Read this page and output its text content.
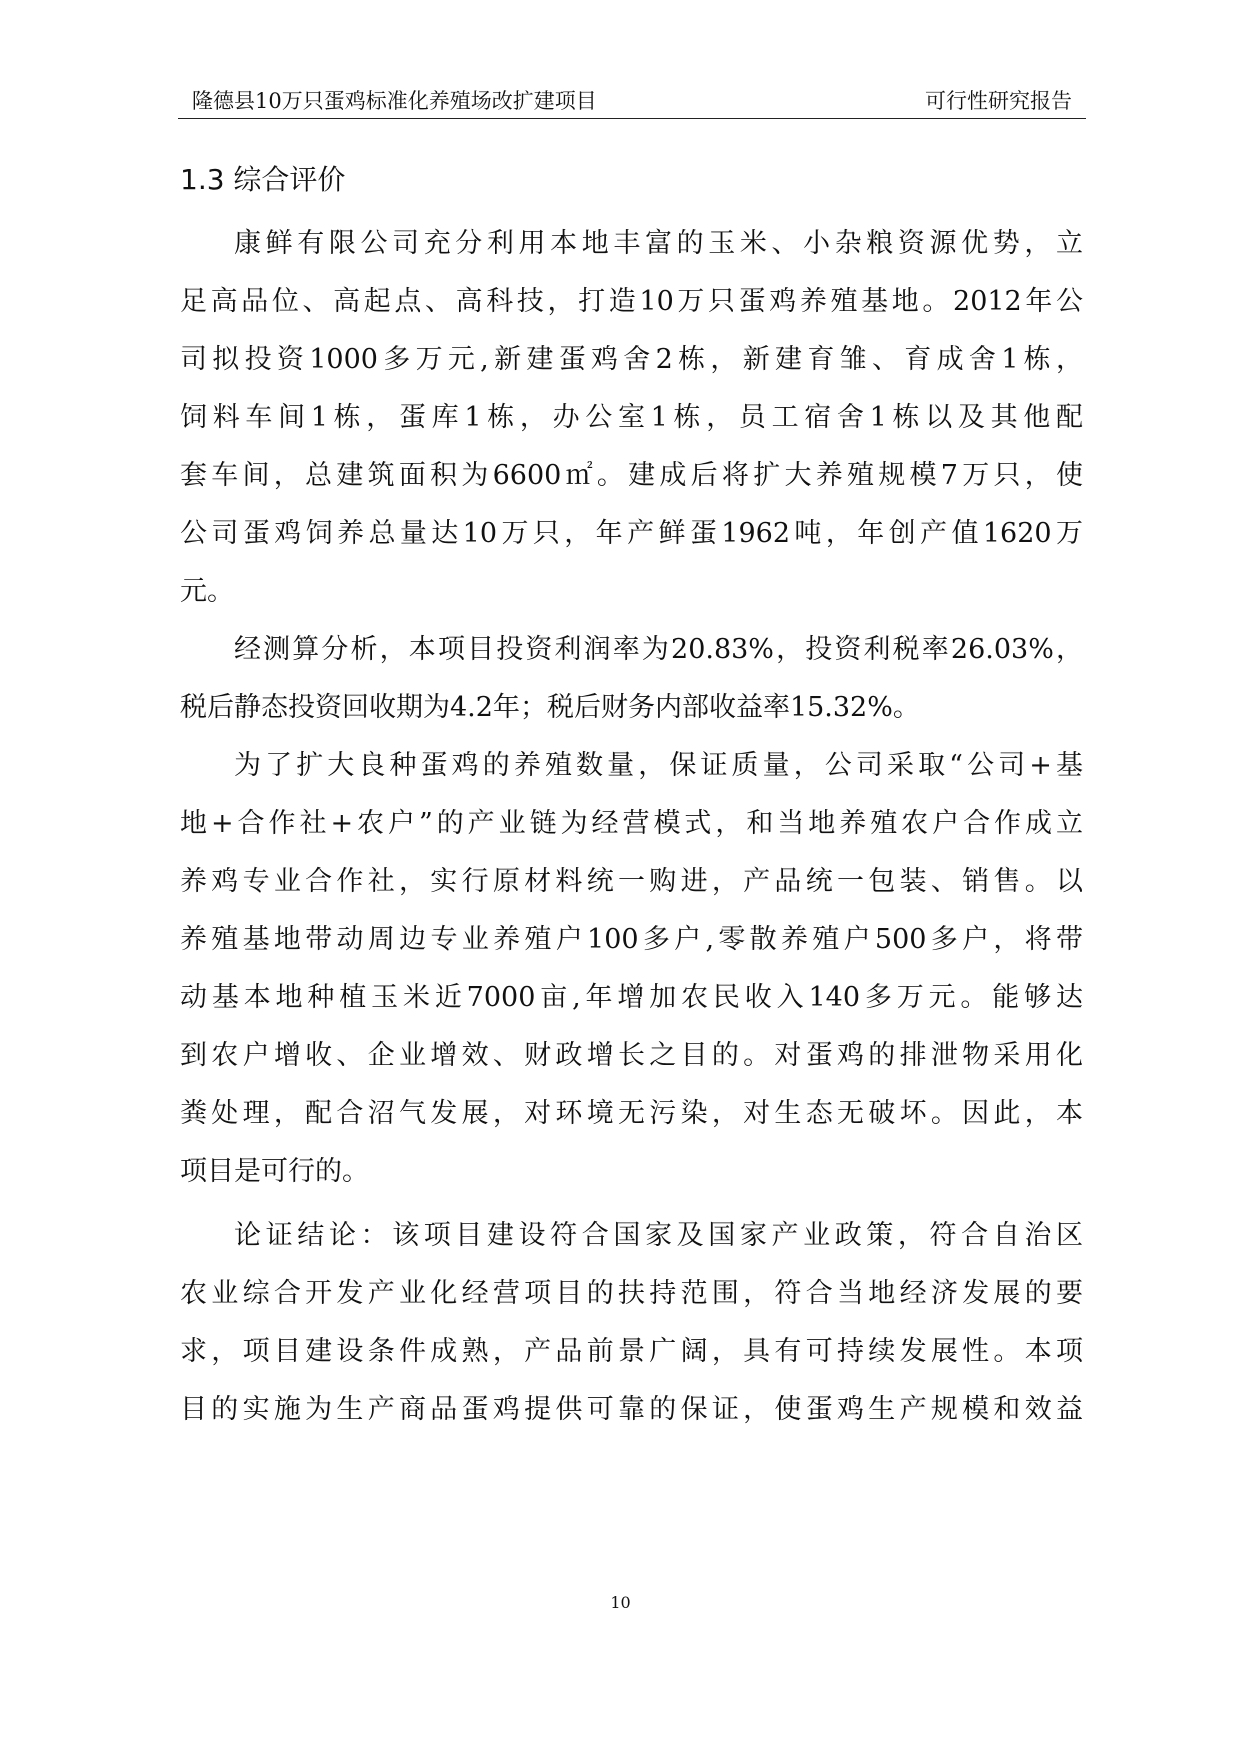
隆德县10万只蛋鸡标准化养殖场改扩建项目	可行性研究报告
1.3 综合评价
康鲜有限公司充分利用本地丰富的玉米、小杂粮资源优势，立
足高品位、高起点、高科技，打造10万只蛋鸡养殖基地。2012年公
司拟投资1000多万元,新建蛋鸡舍2栋，新建育雏、育成舍1栋，
饲料车间1栋，蛋库1栋，办公室1栋，员工宿舍1栋以及其他配
套车间，总建筑面积为6600㎡。建成后将扩大养殖规模7万只，使
公司蛋鸡饲养总量达10万只，年产鲜蛋1962吨，年创产值1620万
元。
经测算分析，本项目投资利润率为20.83%，投资利税率26.03%，
税后静态投资回收期为4.2年；税后财务内部收益率15.32%。
为了扩大良种蛋鸡的养殖数量，保证质量，公司采取“公司+基
地+合作社+农户”的产业链为经营模式，和当地养殖农户合作成立
养鸡专业合作社，实行原材料统一购进，产品统一包装、销售。以
养殖基地带动周边专业养殖户100多户,零散养殖户500多户，将带
动基本地种植玉米近7000亩,年增加农民收入140多万元。能够达
到农户增收、企业增效、财政增长之目的。对蛋鸡的排泄物采用化
粪处理，配合沼气发展，对环境无污染，对生态无破坏。因此，本
项目是可行的。
论证结论：该项目建设符合国家及国家产业政策，符合自治区
农业综合开发产业化经营项目的扶持范围，符合当地经济发展的要
求，项目建设条件成熟，产品前景广阔，具有可持续发展性。本项
目的实施为生产商品蛋鸡提供可靠的保证，使蛋鸡生产规模和效益
10
